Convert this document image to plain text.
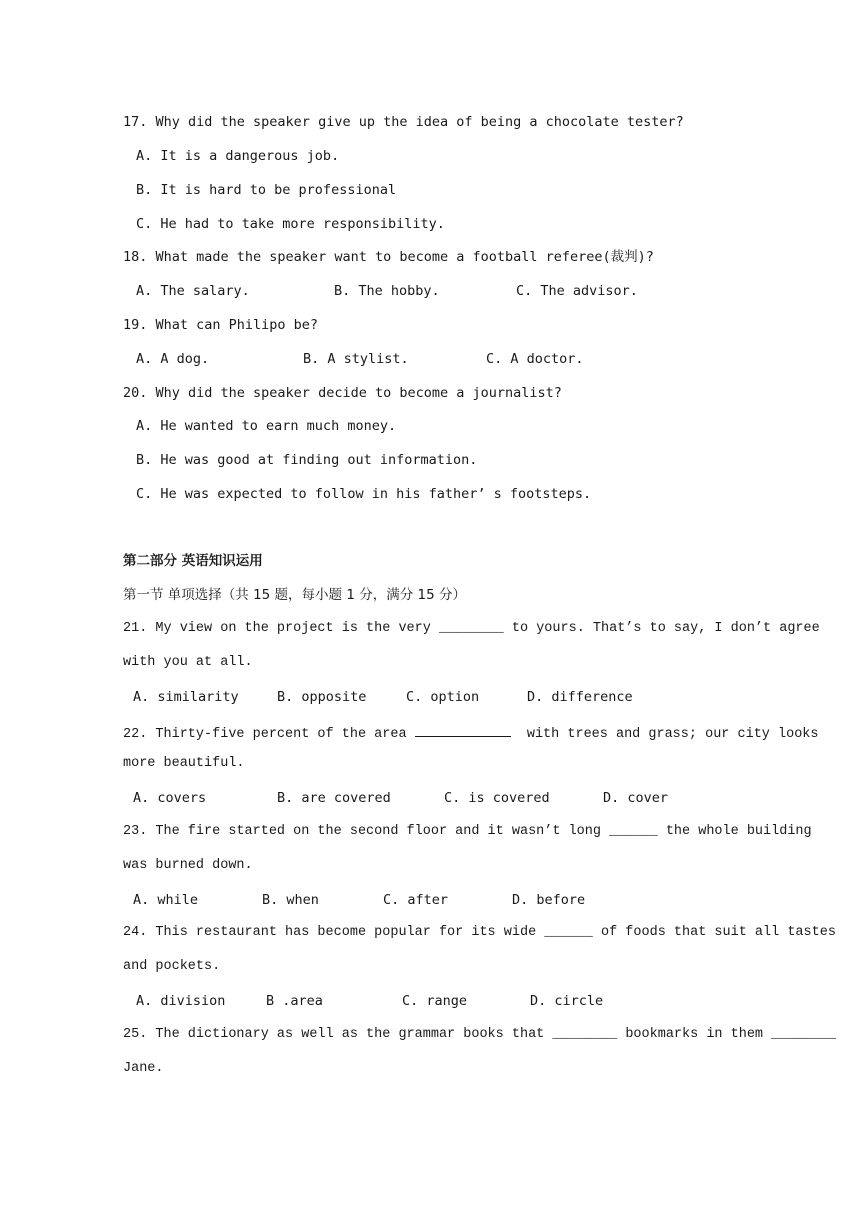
17. Why did the speaker give up the idea of being a chocolate tester?
A. It is a dangerous job.
B. It is hard to be professional
C. He had to take more responsibility.
18. What made the speaker want to become a football referee(裁判)?

A. The salary.

	B. The hobby.

	C. The advisor.

19. What can Philipo be?

A. A dog.

	B. A stylist.

	C. A doctor.

20. Why did the speaker decide to become a journalist?
A. He wanted to earn much money.
B. He was good at finding out information.
C. He was expected to follow in his father’ s footsteps.
第二部分 英语知识运用
第一节 单项选择（共 15 题，每小题 1 分，满分 15 分）
21. My view on the project is the very ________ to yours. That’s to say, I don’t agree
with you at all.

A. similarity

	B. opposite

	C. option

	D. difference

22. Thirty-five percent of the area	with trees and grass; our city looks
more beautiful.

A. covers

	B. are covered

	C. is covered

	D. cover

23. The fire started on the second floor and it wasn’t long ______ the whole building
was burned down.

A. while

	B. when

	C. after

	D. before

24. This restaurant has become popular for its wide ______ of foods that suit all tastes
and pockets.

A. division

	B .area

	C. range

	D. circle

25. The dictionary as well as the grammar books that ________ bookmarks in them ________
Jane.
